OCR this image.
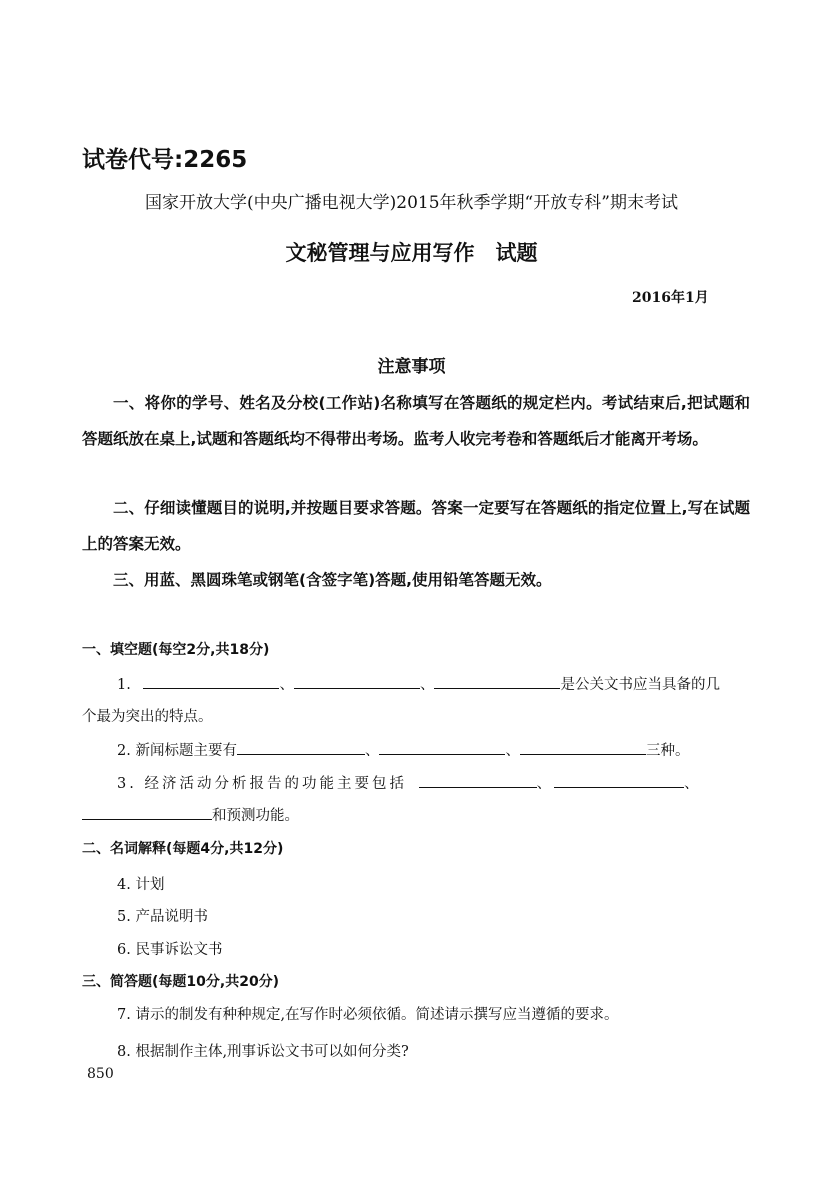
试卷代号:2265
国家开放大学(中央广播电视大学)2015年秋季学期“开放专科”期末考试
文秘管理与应用写作　试题
2016年1月
注意事项

一、将你的学号、姓名及分校(工作站)名称填写在答题纸的规定栏内。考试结束后,把试题和答题纸放在桌上,试题和答题纸均不得带出考场。监考人收完考卷和答题纸后才能离开考场。

二、仔细读懂题目的说明,并按题目要求答题。答案一定要写在答题纸的指定位置上,写在试题上的答案无效。

三、用蓝、黑圆珠笔或钢笔(含签字笔)答题,使用铅笔答题无效。

一、填空题(每空2分,共18分)
1.	、	、	是公关文书应当具备的几
个最为突出的特点。
2. 新闻标题主要有	、	、	三种。
3. 经济活动分析报告的功能主要包括	、	、
和预测功能。
二、名词解释(每题4分,共12分)
4. 计划
5. 产品说明书
6. 民事诉讼文书
三、简答题(每题10分,共20分)
7. 请示的制发有种种规定,在写作时必须依循。简述请示撰写应当遵循的要求。
8. 根据制作主体,刑事诉讼文书可以如何分类?
850
